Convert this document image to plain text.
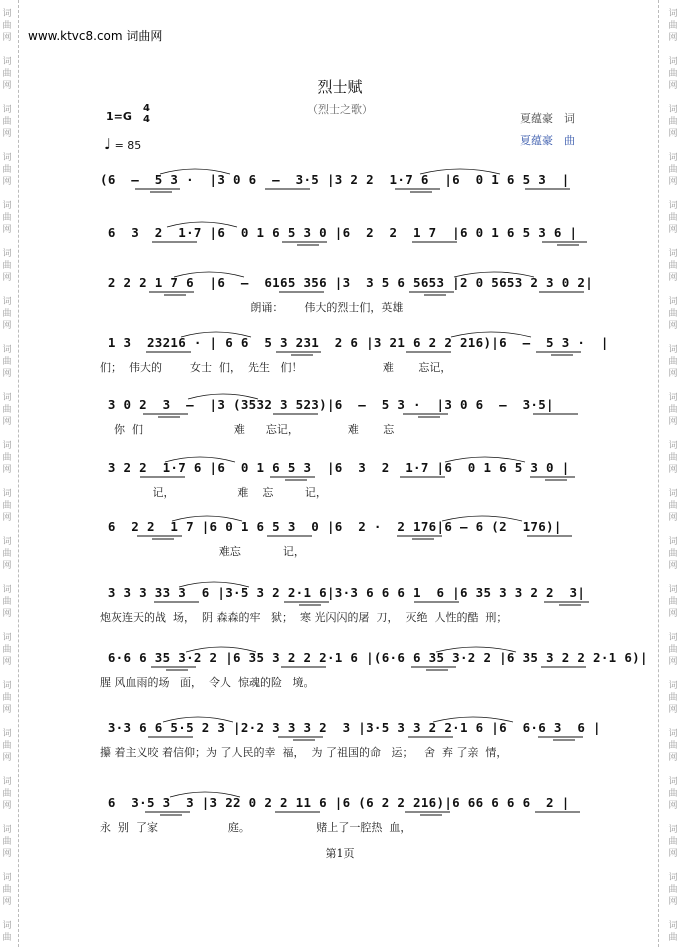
词
曲
网
词
曲
网
词
曲
网
词
曲
网
词
曲
网
词
曲
网
词
曲
网
词
曲
网
词
曲
网
词
曲
网
词
曲
网
词
曲
网
词
曲
网
词
曲
网
词
曲
网
词
曲
网
词
曲
网
词
曲
网
词
曲
网
词
曲
词
曲
网
词
曲
网
词
曲
网
词
曲
网
词
曲
网
词
曲
网
词
曲
网
词
曲
网
词
曲
网
词
曲
网
词
曲
网
词
曲
网
词
曲
网
词
曲
网
词
曲
网
词
曲
网
词
曲
网
词
曲
网
词
曲
网
词
曲
www.ktvc8.com 词曲网
烈士赋
（烈士之歌）
夏蕴豪　词
夏蕴豪　曲
1=G
4
4
♩ = 85
(6  –  5 3 ·  |3 0 6  –  3·5 |3 2 2  1·7 6  |6  0 1 6 5 3  |
6  3  2  1·7 |6  0 1 6 5 3 0 |6  2  2  1 7  |6 0 1 6 5 3 6 |
2 2 2 1 7 6  |6  –  6165 356 |3  3 5 6 5653 |2 0 5653 2 3 0 2|
朗诵：      伟大的烈士们，英雄
1 3  23216 · | 6 6  5 3 231  2 6 |3 21 6 2 2 216)|6  –  5 3 ·  |
们；  伟大的        女士  们，  先生   们！                       难       忘记，
3 0 2  3  –  |3 (3532 3 523)|6  –  5 3 ·  |3 0 6  –  3·5|
你  们                          难      忘记，              难       忘
3 2 2  1·7 6 |6  0 1 6 5 3  |6  3  2  1·7 |6  0 1 6 5 3 0 |
记，                  难    忘         记，
6  2 2  1 7 |6 0 1 6 5 3  0 |6  2 ·  2 176|6 – 6 (2  176)|
难忘            记，
3 3 3 33 3  6 |3·5 3 2 2·1 6|3·3 6 6 6 1  6 |6 35 3 3 2 2  3|
炮灰连天的战  场，  阴 森森的牢   狱；  寒 光闪闪的屠  刀，  灭绝  人性的酷  刑；
6·6 6 35 3·2 2 |6 35 3 2 2 2·1 6 |(6·6 6 35 3·2 2 |6 35 3 2 2 2·1 6)|
腥 风血雨的场   面，  令人  惊魂的险   境。
3·3 6 6 5·5 2 3 |2·2 3 3 3 2  3 |3·5 3 3 2 2·1 6 |6  6·6 3  6 |
攥 着主义咬 着信仰；为 了人民的幸  福，  为 了祖国的命   运；   舍  弃 了亲  情，
6  3·5 3  3 |3 22 0 2 2 11 6 |6 (6 2 2 216)|6 66 6 6 6  2 |
永  别  了家                    庭。                   赌上了一腔热  血，
第1页
